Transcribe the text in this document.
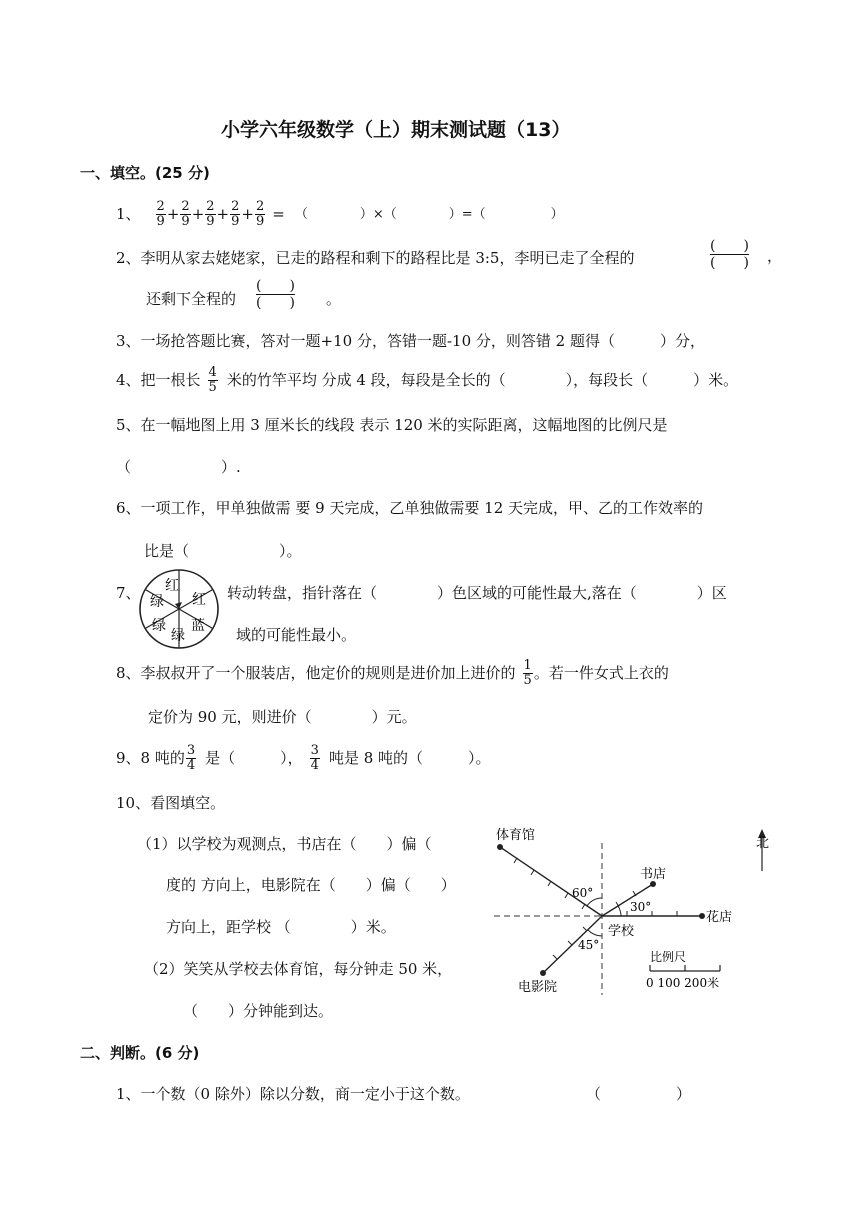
小学六年级数学（上）期末测试题（13）
一、填空。(25 分)
1、 $\frac{2}{9} + \frac{2}{9} + \frac{2}{9} + \frac{2}{9} + \frac{2}{9}$ = （　　　　）×（　　　　）=（　　　　　）
2、李明从家去姥姥家，已走的路程和剩下的路程比是 3:5，李明已走了全程的
(　　)
(　　) ，
还剩下全程的
(　　)
(　　) 。
3、一场抢答题比赛，答对一题+10 分，答错一题-10 分，则答错 2 题得（　　　）分，
4、把一根长 $\frac{4}{5}$ 米的竹竿平均 分成 4 段，每段是全长的（　　　　），每段长（　　　）米。
5、在一幅地图上用 3 厘米长的线段 表示 120 米的实际距离，这幅地图的比例尺是
（　　　　　　）.
6、一项工作，甲单独做需 要 9 天完成，乙单独做需要 12 天完成，甲、乙的工作效率的
比是（　　　　　　）。
7、 红
红
蓝
绿
绿
绿
转动转盘，指针落在（　　　　）色区域的可能性最大,落在（　　　　）区
域的可能性最小。
8、李叔叔开了一个服装店，他定价的规则是进价加上进价的 $\frac{1}{5}$ 。若一件女式上衣的
定价为 90 元，则进价（　　　　）元。
9、8 吨的 $\frac{3}{4}$ 是（　　　）， $\frac{3}{4}$ 吨是 8 吨的（　　　）。
10、看图填空。
（1）以学校为观测点，书店在（　　）偏（
度的 方向上，电影院在（　　）偏（　　）
方向上，距学校 （　　　　）米。
（2）笑笑从学校去体育馆，每分钟走 50 米，
（　　）分钟能到达。
体育馆
书店
花店
学校
电影院
60°
30°
45°
北
比例尺
0 100 200米
二、判断。(6 分)
1、一个数（0 除外）除以分数，商一定小于这个数。	（　　　　　）
